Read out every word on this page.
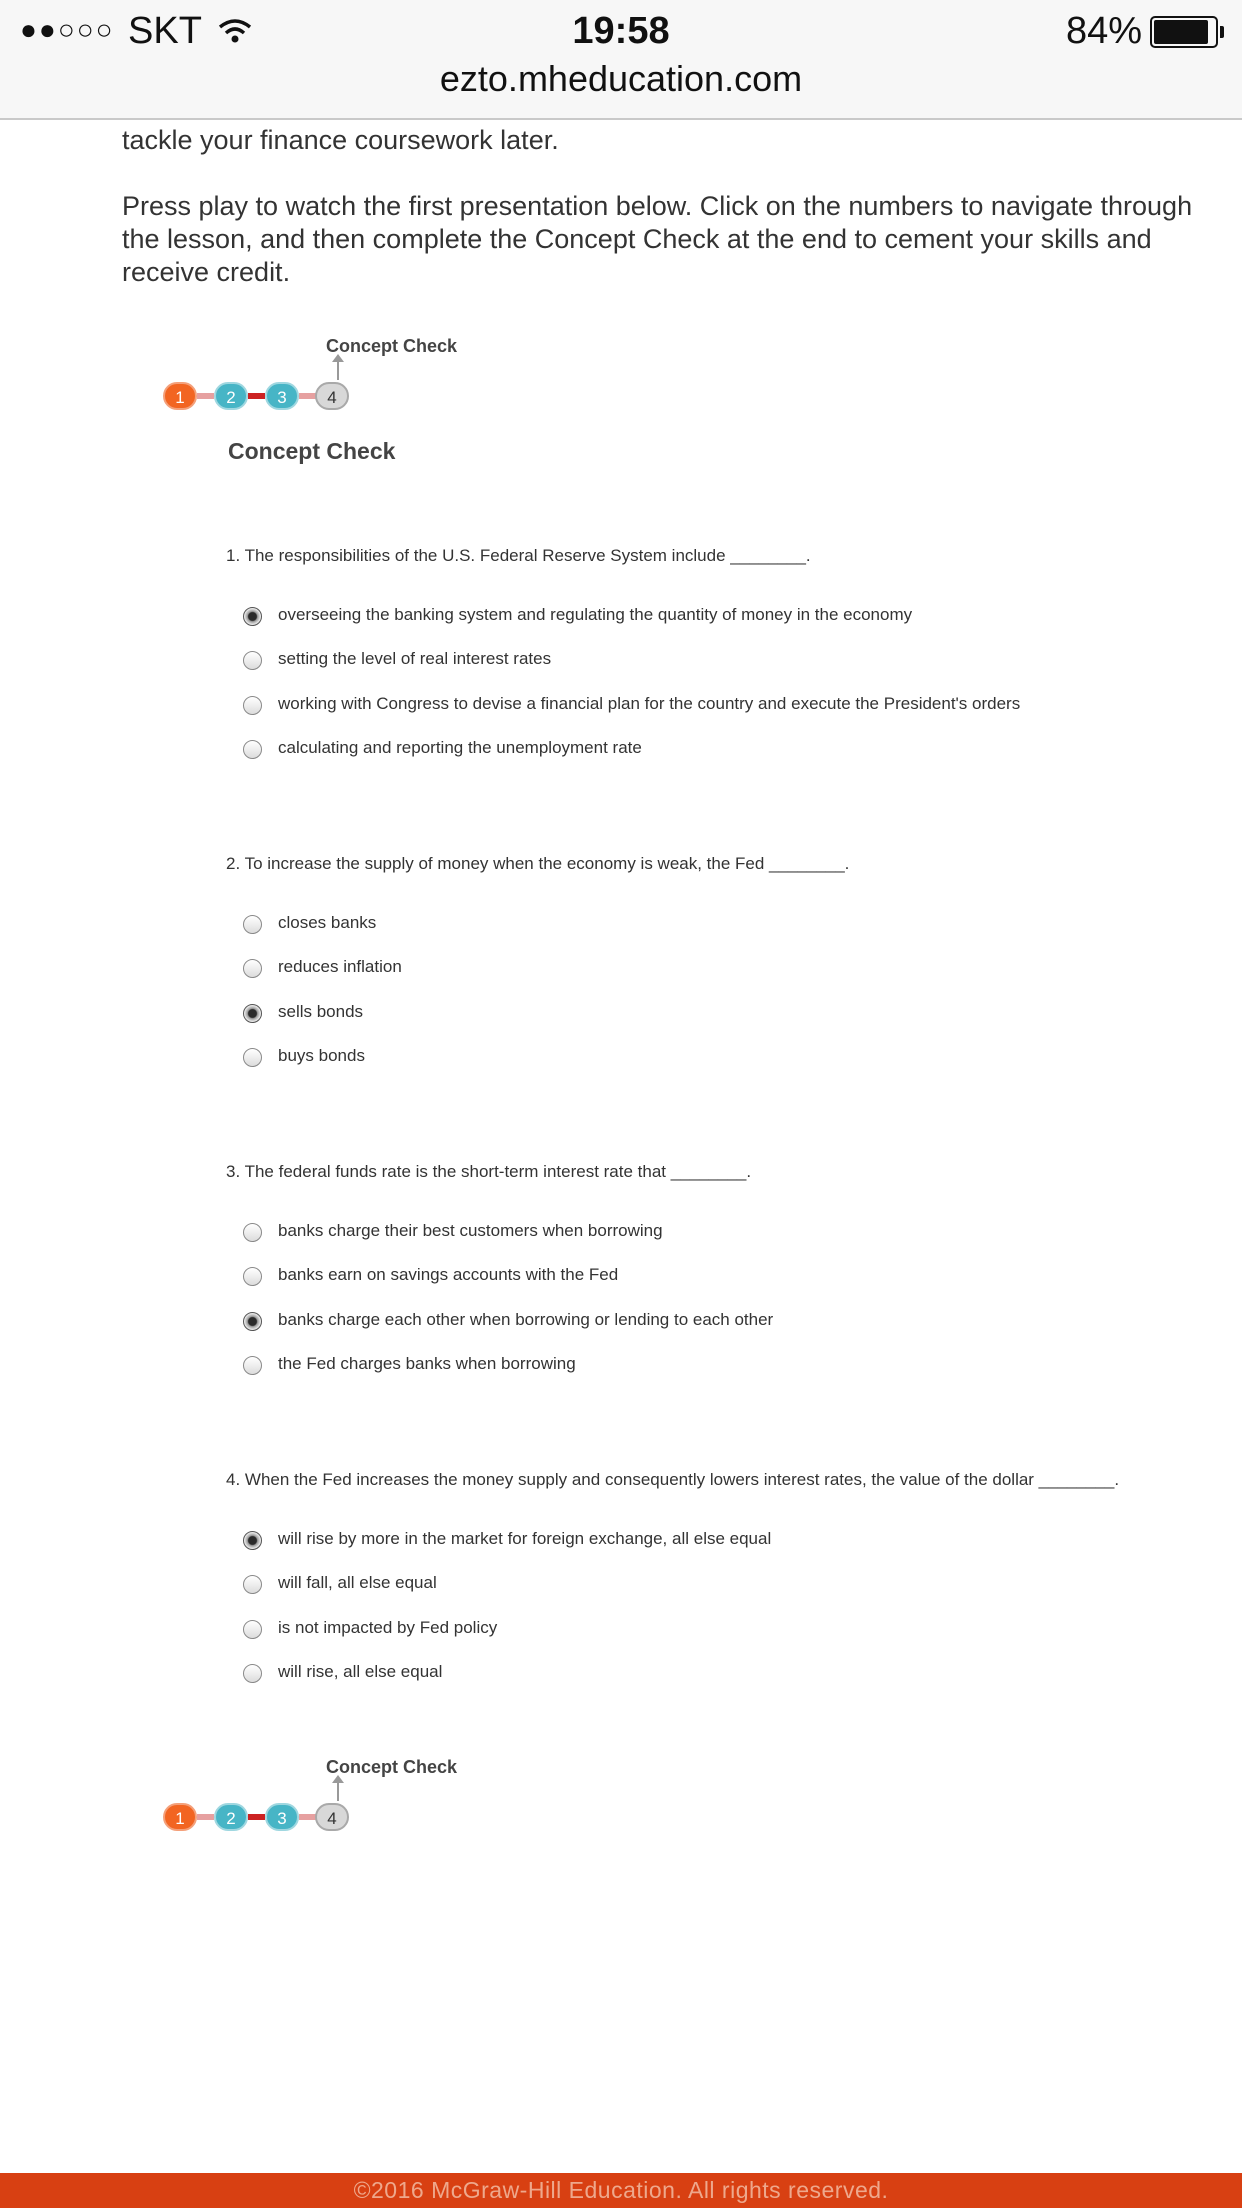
●●○○○ SKT	19:58	84%
ezto.mheducation.com
tackle your finance coursework later.
Press play to watch the first presentation below. Click on the numbers to navigate through the lesson, and then complete the Concept Check at the end to cement your skills and receive credit.
Concept Check
1	2	3	4
Concept Check
1. The responsibilities of the U.S. Federal Reserve System include ________.
overseeing the banking system and regulating the quantity of money in the economy
setting the level of real interest rates
working with Congress to devise a financial plan for the country and execute the President's orders
calculating and reporting the unemployment rate
2. To increase the supply of money when the economy is weak, the Fed ________.
closes banks
reduces inflation
sells bonds
buys bonds
3. The federal funds rate is the short-term interest rate that ________.
banks charge their best customers when borrowing
banks earn on savings accounts with the Fed
banks charge each other when borrowing or lending to each other
the Fed charges banks when borrowing
4. When the Fed increases the money supply and consequently lowers interest rates, the value of the dollar ________.
will rise by more in the market for foreign exchange, all else equal
will fall, all else equal
is not impacted by Fed policy
will rise, all else equal
Concept Check
1	2	3	4
©2016 McGraw-Hill Education. All rights reserved.
